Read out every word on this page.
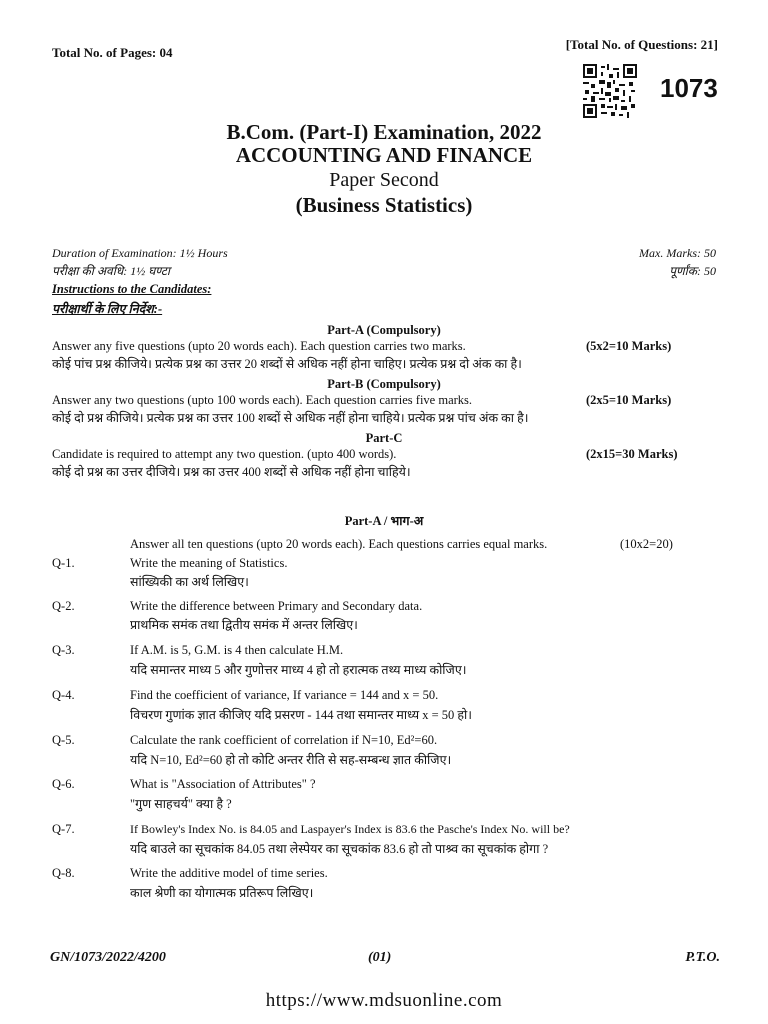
Total No. of Pages: 04
[Total No. of Questions: 21]
1073
B.Com. (Part-I) Examination, 2022
ACCOUNTING AND FINANCE
Paper Second
(Business Statistics)
Duration of Examination: 1½ Hours
परीक्षा की अवधि: 1½ घण्टा
Max. Marks: 50
पूर्णांक: 50
Instructions to the Candidates:
परीक्षार्थी के लिए निर्देश:-
Part-A (Compulsory)
Answer any five questions (upto 20 words each). Each question carries two marks.	(5x2=10 Marks)
कोई पांच प्रश्न कीजिये। प्रत्येक प्रश्न का उत्तर 20 शब्दों से अधिक नहीं होना चाहिए। प्रत्येक प्रश्न दो अंक का है।
Part-B (Compulsory)
Answer any two questions (upto 100 words each). Each question carries five marks.	(2x5=10 Marks)
कोई दो प्रश्न कीजिये। प्रत्येक प्रश्न का उत्तर 100 शब्दों से अधिक नहीं होना चाहिये। प्रत्येक प्रश्न पांच अंक का है।
Part-C
Candidate is required to attempt any two question. (upto 400 words).	(2x15=30 Marks)
कोई दो प्रश्न का उत्तर दीजिये। प्रश्न का उत्तर 400 शब्दों से अधिक नहीं होना चाहिये।
Part-A / भाग-अ
Answer all ten questions (upto 20 words each). Each questions carries equal marks.	(10x2=20)
Q-1.	Write the meaning of Statistics.
सांख्यिकी का अर्थ लिखिए।
Q-2.	Write the difference between Primary and Secondary data.
प्राथमिक समंक तथा द्वितीय समंक में अन्तर लिखिए।
Q-3.	If A.M. is 5, G.M. is 4 then calculate H.M.
यदि समान्तर माध्य 5 और गुणोत्तर माध्य 4 हो तो हरात्मक तथ्य माध्य कोजिए।
Q-4.	Find the coefficient of variance, If variance = 144 and x = 50.
विचरण गुणांक ज्ञात कीजिए यदि प्रसरण - 144 तथा समान्तर माध्य x = 50 हो।
Q-5.	Calculate the rank coefficient of correlation if N=10, Ed²=60.
यदि N=10, Ed²=60 हो तो कोटि अन्तर रीति से सह-सम्बन्ध ज्ञात कीजिए।
Q-6.	What is "Association of Attributes" ?
"गुण साहचर्य" क्या है ?
Q-7.	If Bowley's Index No. is 84.05 and Laspayer's Index is 83.6 the Pasche's Index No. will be?
यदि बाउले का सूचकांक 84.05 तथा लेस्पेयर का सूचकांक 83.6 हो तो पाश्र्व का सूचकांक होगा ?
Q-8.	Write the additive model of time series.
काल श्रेणी का योगात्मक प्रतिरूप लिखिए।
GN/1073/2022/4200	(01)	P.T.O.
https://www.mdsuonline.com
